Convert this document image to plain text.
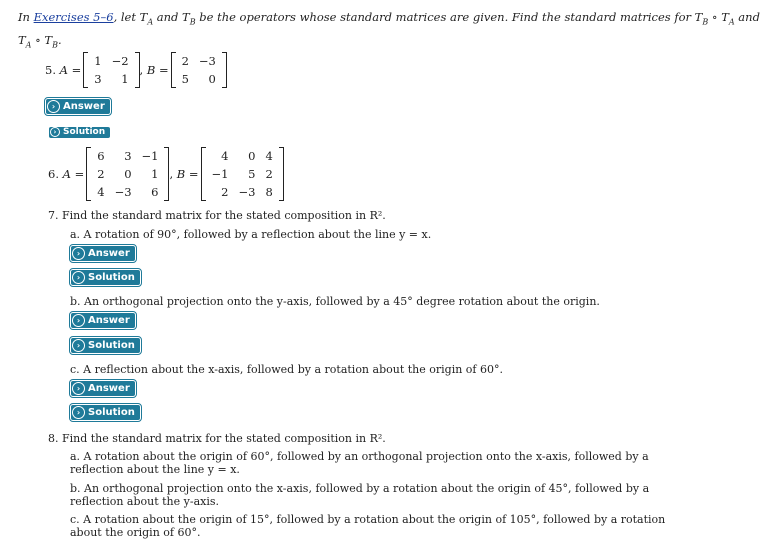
In Exercises 5–6, let $T_A$ and $T_B$ be the operators whose standard matrices are given. Find the standard matrices for $T_B$ ∘ $T_A$ and
$T_A$ ∘ $T_B$.
5.
A =
1 −2
3	1
,
B =
2 −3
5	0
› Answer
› Solution
6.
A =
6	3 −1
2	0	1
4 −3	6
,
B =
4	0 4
−1	5 2
2 −3 8
7. Find the standard matrix for the stated composition in R².
a. A rotation of 90°, followed by a reflection about the line y = x.
› Answer
› Solution
b. An orthogonal projection onto the y-axis, followed by a 45° degree rotation about the origin.
› Answer
› Solution
c. A reflection about the x-axis, followed by a rotation about the origin of 60°.
› Answer
› Solution
8. Find the standard matrix for the stated composition in R².
a. A rotation about the origin of 60°, followed by an orthogonal projection onto the x-axis, followed by a reflection about the line y = x.
b. An orthogonal projection onto the x-axis, followed by a rotation about the origin of 45°, followed by a reflection about the y-axis.
c. A rotation about the origin of 15°, followed by a rotation about the origin of 105°, followed by a rotation about the origin of 60°.
